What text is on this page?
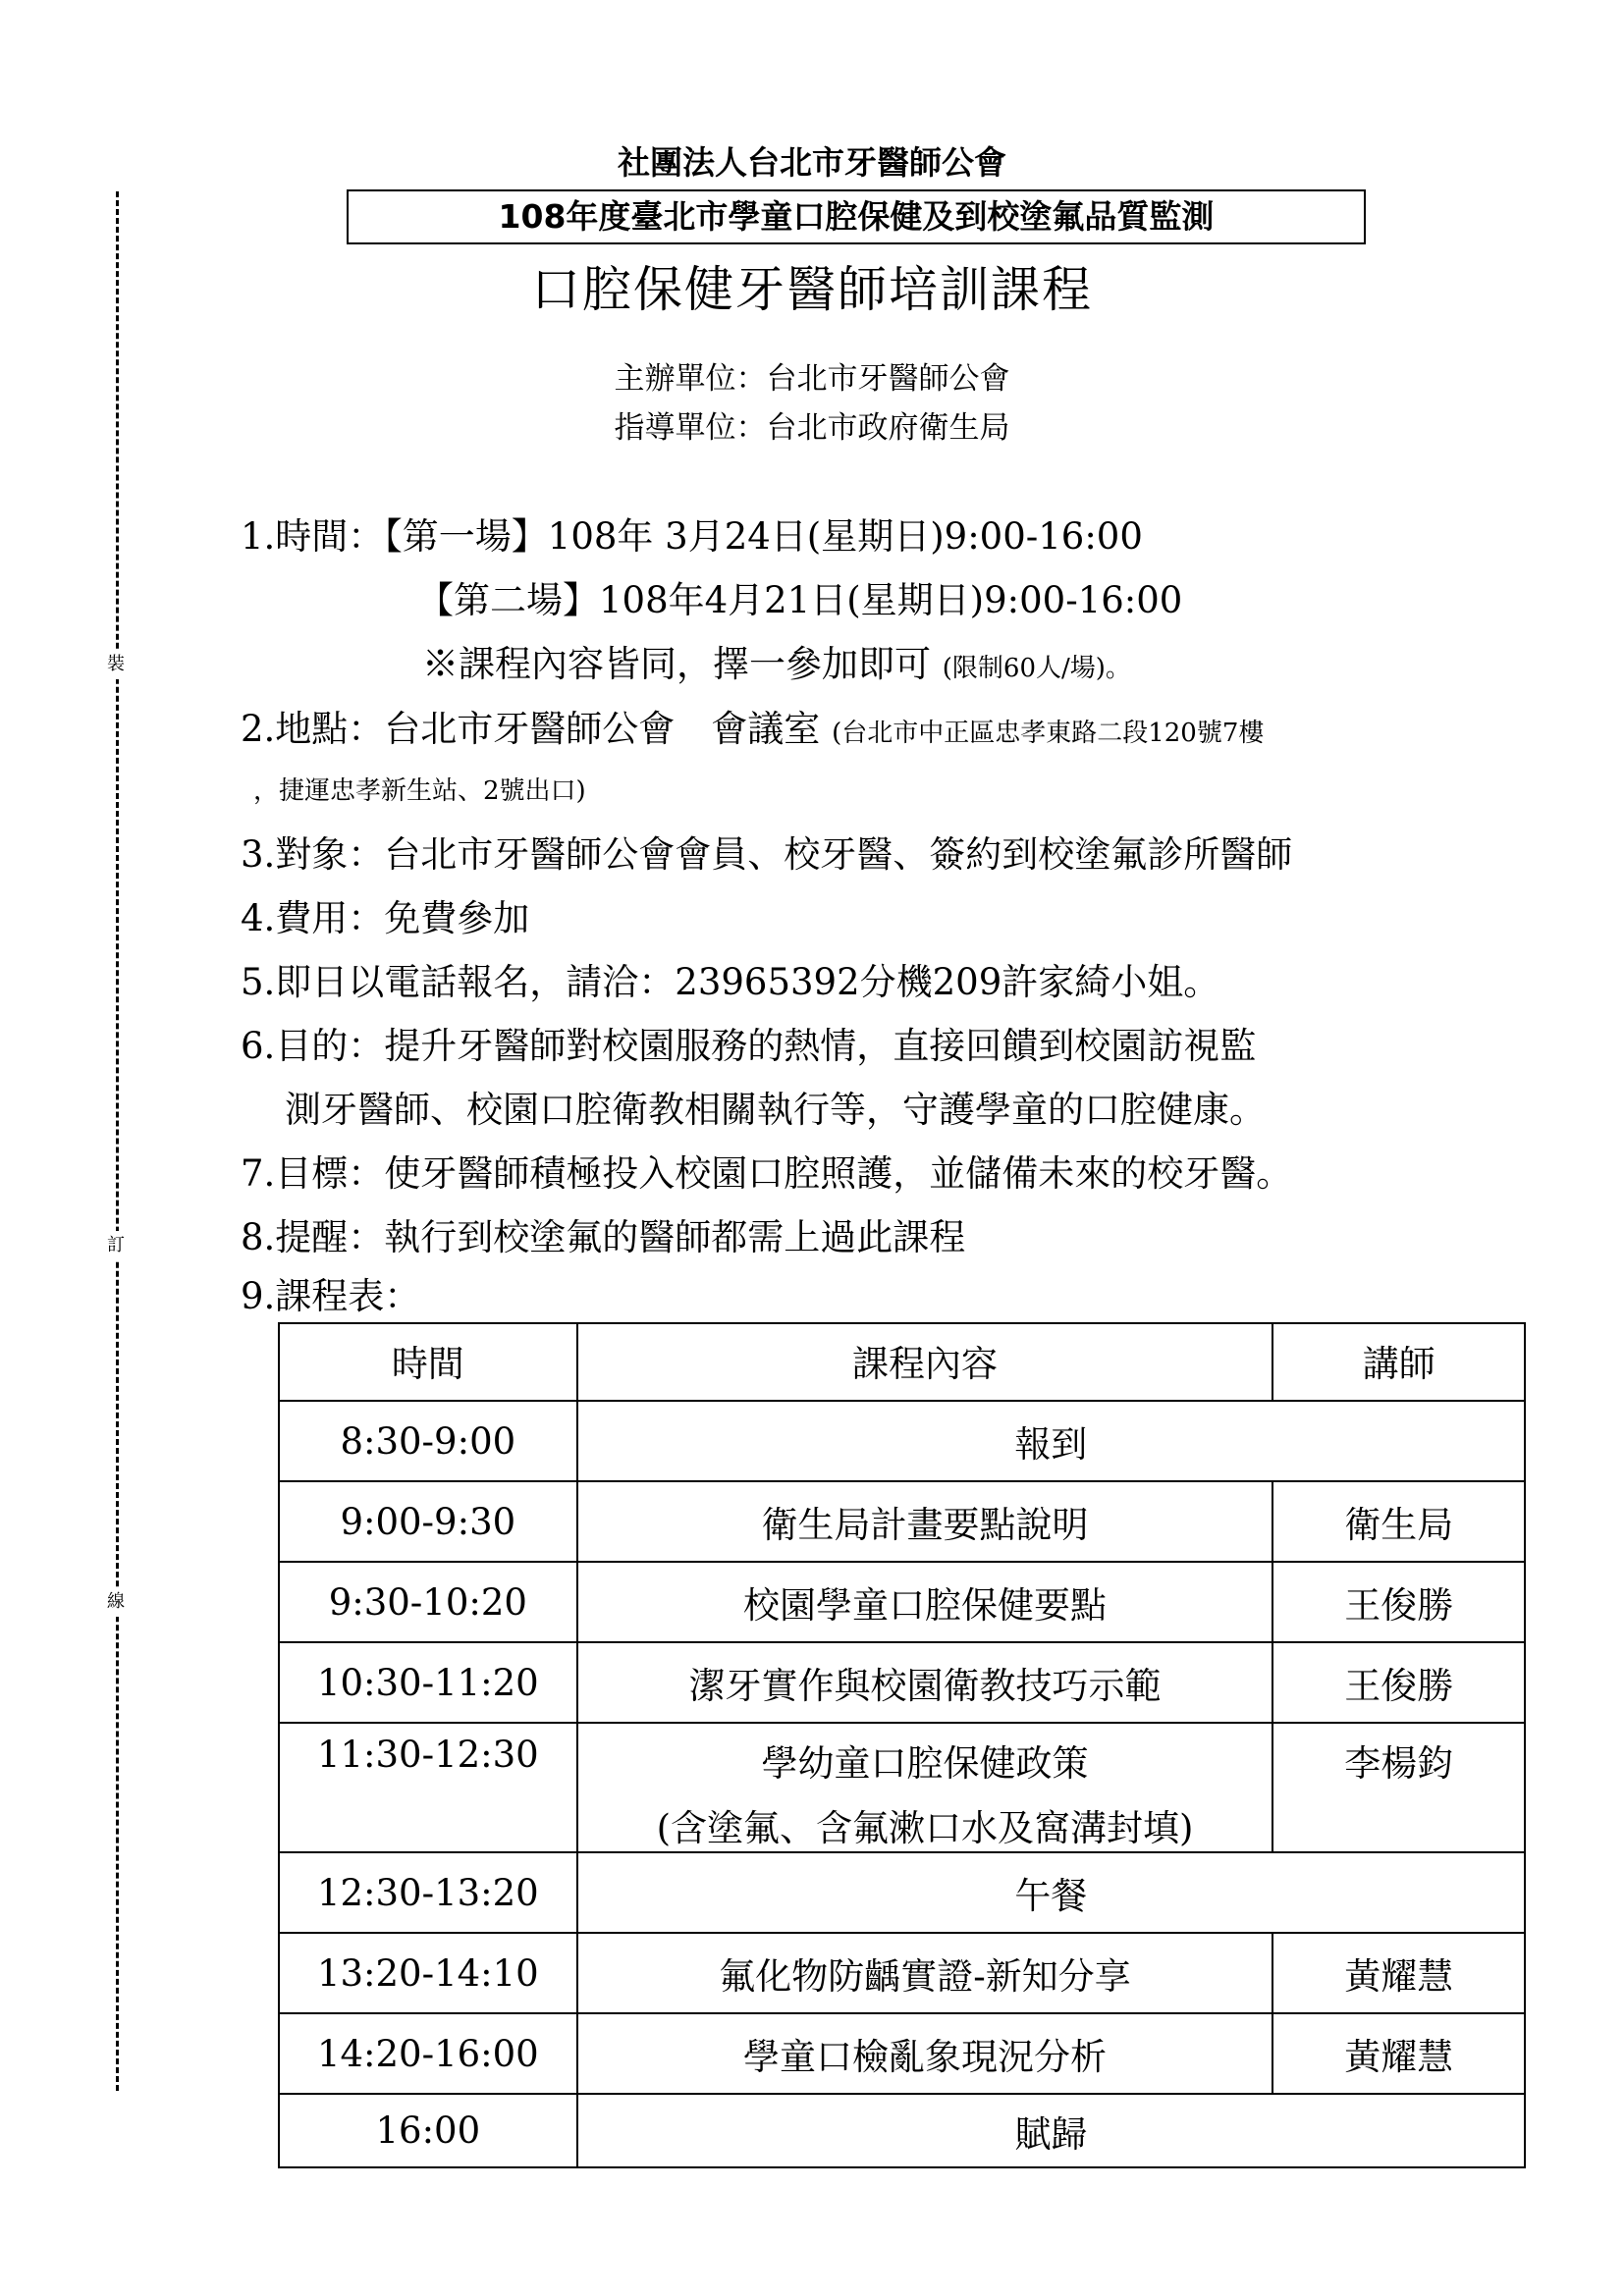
裝
訂
線
社團法人台北市牙醫師公會
108年度臺北市學童口腔保健及到校塗氟品質監測
口腔保健牙醫師培訓課程
主辦單位：台北市牙醫師公會
指導單位：台北市政府衛生局
1.時間：【第一場】108年 3月24日(星期日)9:00-16:00
【第二場】108年4月21日(星期日)9:00-16:00
※課程內容皆同，擇一參加即可 (限制60人/場)。
2.地點：台北市牙醫師公會　會議室 (台北市中正區忠孝東路二段120號7樓
，捷運忠孝新生站、2號出口)
3.對象：台北市牙醫師公會會員、校牙醫、簽約到校塗氟診所醫師
4.費用：免費參加
5.即日以電話報名，請洽：23965392分機209許家綺小姐。
6.目的：提升牙醫師對校園服務的熱情，直接回饋到校園訪視監
測牙醫師、校園口腔衛教相關執行等，守護學童的口腔健康。
7.目標：使牙醫師積極投入校園口腔照護，並儲備未來的校牙醫。
8.提醒：執行到校塗氟的醫師都需上過此課程
9.課程表：
時間	課程內容	講師
8:30-9:00	報到	
9:00-9:30	衛生局計畫要點說明	衛生局
9:30-10:20	校園學童口腔保健要點	王俊勝
10:30-11:20	潔牙實作與校園衛教技巧示範	王俊勝
11:30-12:30	學幼童口腔保健政策
(含塗氟、含氟漱口水及窩溝封填)	李楊鈞
12:30-13:20	午餐	
13:20-14:10	氟化物防齲實證-新知分享	黃耀慧
14:20-16:00	學童口檢亂象現況分析	黃耀慧
16:00	賦歸	
